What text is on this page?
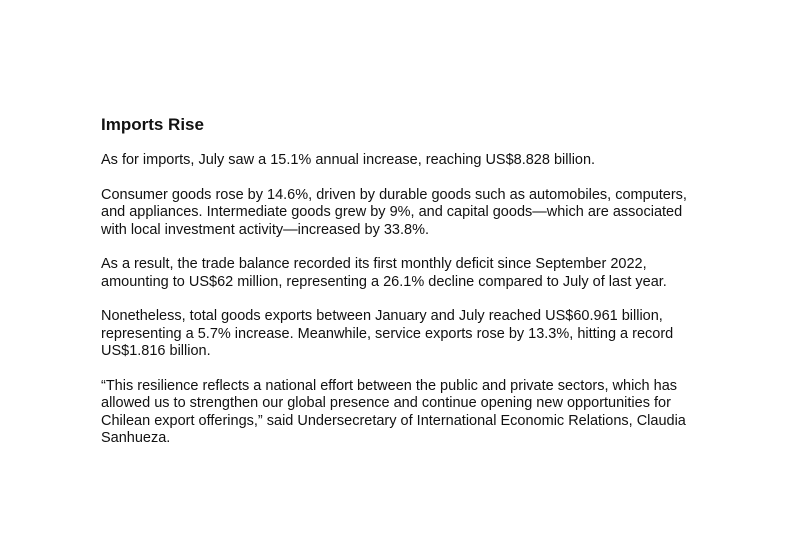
Imports Rise

As for imports, July saw a 15.1% annual increase, reaching US$8.828 billion.

Consumer goods rose by 14.6%, driven by durable goods such as automobiles, computers, and appliances. Intermediate goods grew by 9%, and capital goods—which are associated with local investment activity—increased by 33.8%.

As a result, the trade balance recorded its first monthly deficit since September 2022, amounting to US$62 million, representing a 26.1% decline compared to July of last year.

Nonetheless, total goods exports between January and July reached US$60.961 billion, representing a 5.7% increase. Meanwhile, service exports rose by 13.3%, hitting a record US$1.816 billion.

“This resilience reflects a national effort between the public and private sectors, which has allowed us to strengthen our global presence and continue opening new opportunities for Chilean export offerings,” said Undersecretary of International Economic Relations, Claudia Sanhueza.
